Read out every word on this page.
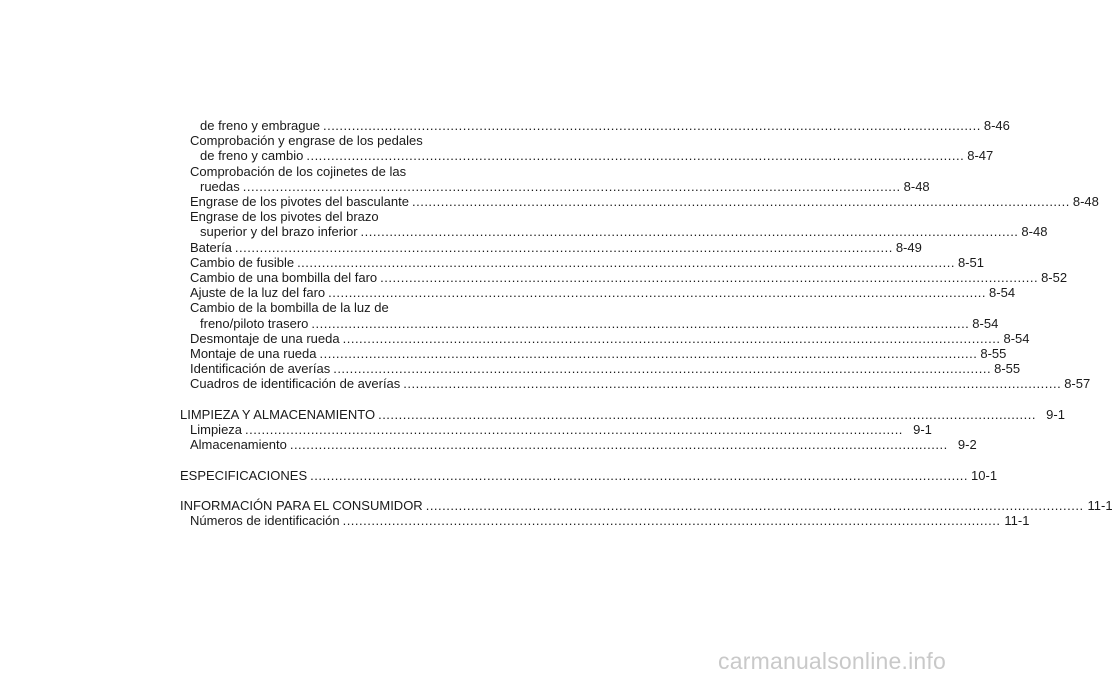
de freno y embrague ................................................................................................................................................................ 8-46
Comprobación y engrase de los pedales
de freno y cambio ................................................................................................................................................................ 8-47
Comprobación de los cojinetes de las
ruedas ................................................................................................................................................................ 8-48
Engrase de los pivotes del basculante ................................................................................................................................................................ 8-48
Engrase de los pivotes del brazo
superior y del brazo inferior ................................................................................................................................................................ 8-48
Batería ................................................................................................................................................................ 8-49
Cambio de fusible ................................................................................................................................................................ 8-51
Cambio de una bombilla del faro ................................................................................................................................................................ 8-52
Ajuste de la luz del faro ................................................................................................................................................................ 8-54
Cambio de la bombilla de la luz de
freno/piloto trasero ................................................................................................................................................................ 8-54
Desmontaje de una rueda ................................................................................................................................................................ 8-54
Montaje de una rueda ................................................................................................................................................................ 8-55
Identificación de averías ................................................................................................................................................................ 8-55
Cuadros de identificación de averías ................................................................................................................................................................ 8-57
LIMPIEZA Y ALMACENAMIENTO ................................................................................................................................................................ 9-1
Limpieza ................................................................................................................................................................ 9-1
Almacenamiento ................................................................................................................................................................ 9-2
ESPECIFICACIONES ................................................................................................................................................................ 10-1
INFORMACIÓN PARA EL CONSUMIDOR ................................................................................................................................................................ 11-1
Números de identificación ................................................................................................................................................................ 11-1
carmanualsonline.info
